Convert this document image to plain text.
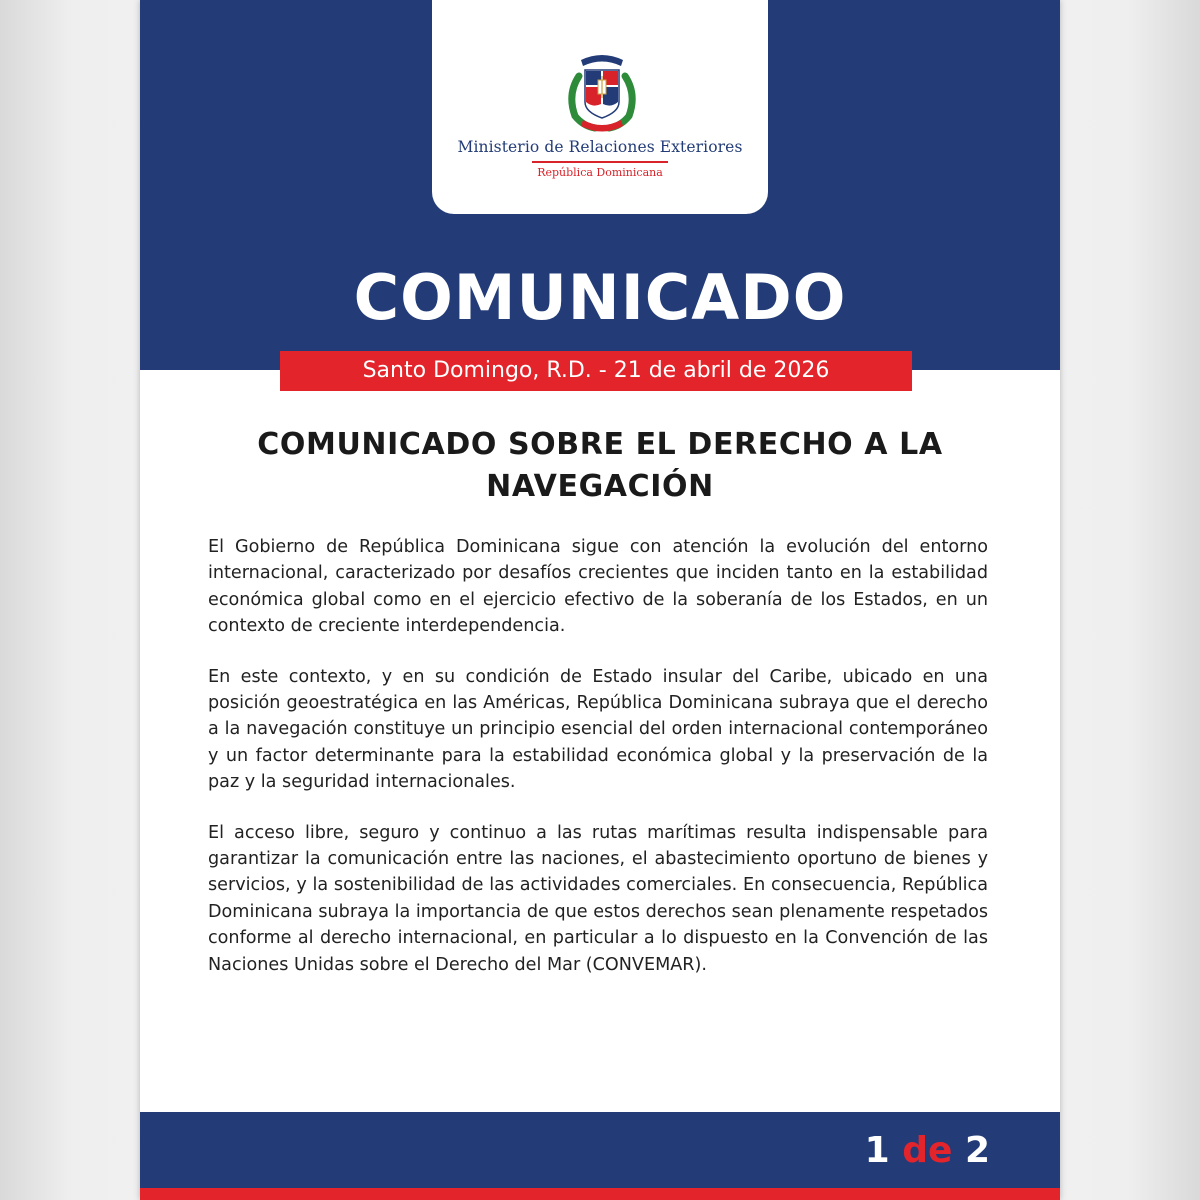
Ministerio de Relaciones Exteriores
República Dominicana
COMUNICADO
Santo Domingo, R.D. - 21 de abril de 2026
COMUNICADO SOBRE EL DERECHO A LA NAVEGACIÓN

El Gobierno de República Dominicana sigue con atención la evolución del entorno internacional, caracterizado por desafíos crecientes que inciden tanto en la estabilidad económica global como en el ejercicio efectivo de la soberanía de los Estados, en un contexto de creciente interdependencia.

En este contexto, y en su condición de Estado insular del Caribe, ubicado en una posición geoestratégica en las Américas, República Dominicana subraya que el derecho a la navegación constituye un principio esencial del orden internacional contemporáneo y un factor determinante para la estabilidad económica global y la preservación de la paz y la seguridad internacionales.

El acceso libre, seguro y continuo a las rutas marítimas resulta indispensable para garantizar la comunicación entre las naciones, el abastecimiento oportuno de bienes y servicios, y la sostenibilidad de las actividades comerciales. En consecuencia, República Dominicana subraya la importancia de que estos derechos sean plenamente respetados conforme al derecho internacional, en particular a lo dispuesto en la Convención de las Naciones Unidas sobre el Derecho del Mar (CONVEMAR).

1 de 2
